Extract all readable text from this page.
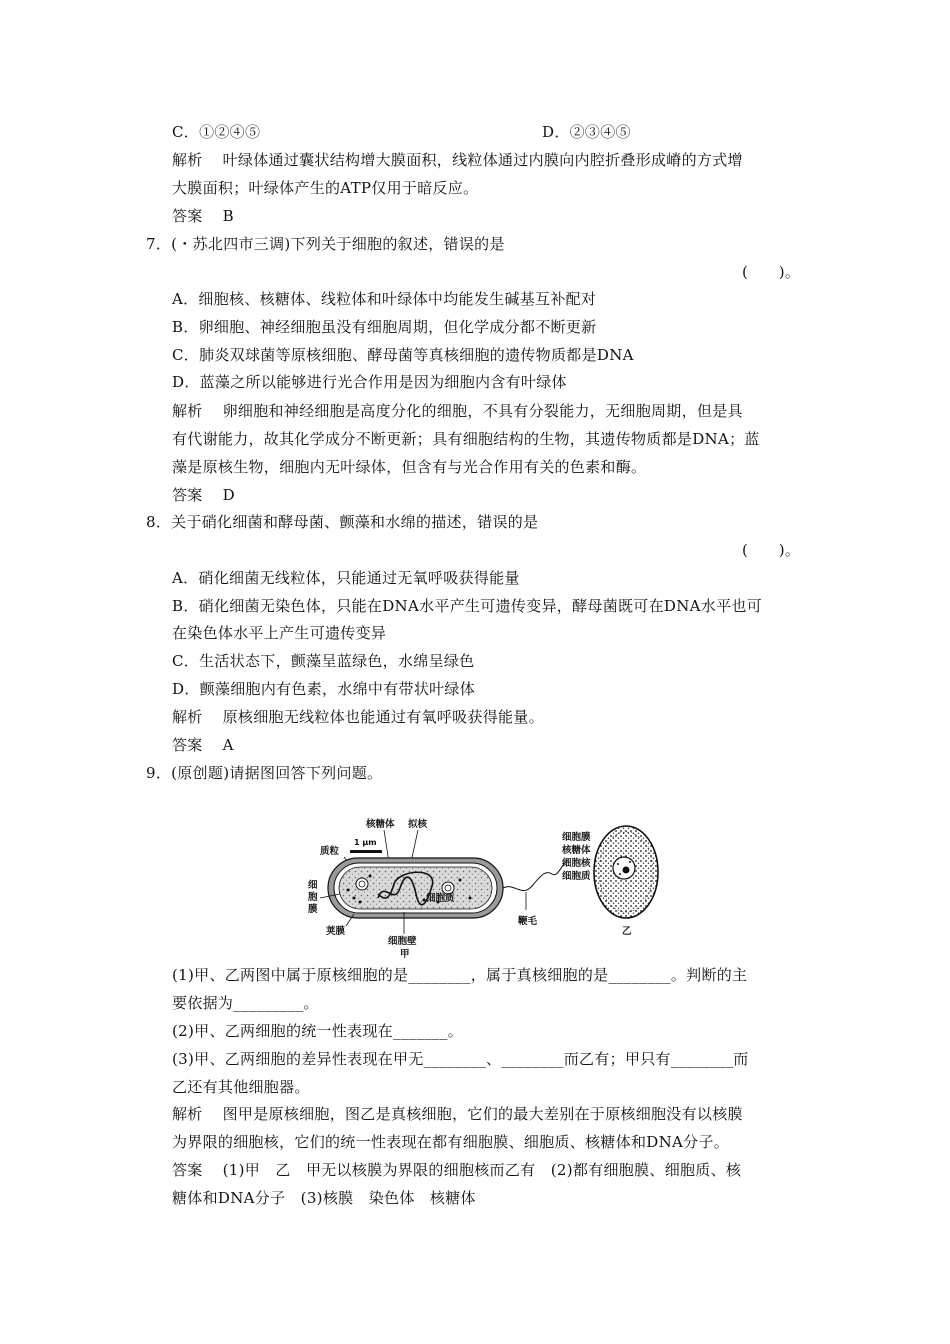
C．①②④⑤	D．②③④⑤
解析 叶绿体通过囊状结构增大膜面积，线粒体通过内膜向内腔折叠形成嵴的方式增
大膜面积；叶绿体产生的ATP仅用于暗反应。
答案 B
7．(・苏北四市三调)下列关于细胞的叙述，错误的是
(　　)。
A．细胞核、核糖体、线粒体和叶绿体中均能发生碱基互补配对
B．卵细胞、神经细胞虽没有细胞周期，但化学成分都不断更新
C．肺炎双球菌等原核细胞、酵母菌等真核细胞的遗传物质都是DNA
D．蓝藻之所以能够进行光合作用是因为细胞内含有叶绿体
解析 卵细胞和神经细胞是高度分化的细胞，不具有分裂能力，无细胞周期，但是具
有代谢能力，故其化学成分不断更新；具有细胞结构的生物，其遗传物质都是DNA；蓝
藻是原核生物，细胞内无叶绿体，但含有与光合作用有关的色素和酶。
答案 D
8．关于硝化细菌和酵母菌、颤藻和水绵的描述，错误的是
(　　)。
A．硝化细菌无线粒体，只能通过无氧呼吸获得能量
B．硝化细菌无染色体，只能在DNA水平产生可遗传变异，酵母菌既可在DNA水平也可
在染色体水平上产生可遗传变异
C．生活状态下，颤藻呈蓝绿色，水绵呈绿色
D．颤藻细胞内有色素，水绵中有带状叶绿体
解析 原核细胞无线粒体也能通过有氧呼吸获得能量。
答案 A
9．(原创题)请据图回答下列问题。
核糖体 拟核
1 μm
质粒
细胞质
细
胞
膜
荚膜
细胞壁
甲
鞭毛
细胞膜
核糖体
细胞核
细胞质
乙
(1)甲、乙两图中属于原核细胞的是________，属于真核细胞的是________。判断的主
要依据为_________。
(2)甲、乙两细胞的统一性表现在_______。
(3)甲、乙两细胞的差异性表现在甲无________、________而乙有；甲只有________而
乙还有其他细胞器。
解析 图甲是原核细胞，图乙是真核细胞，它们的最大差别在于原核细胞没有以核膜
为界限的细胞核，它们的统一性表现在都有细胞膜、细胞质、核糖体和DNA分子。
答案 (1)甲　乙　甲无以核膜为界限的细胞核而乙有　(2)都有细胞膜、细胞质、核
糖体和DNA分子　(3)核膜　染色体　核糖体
